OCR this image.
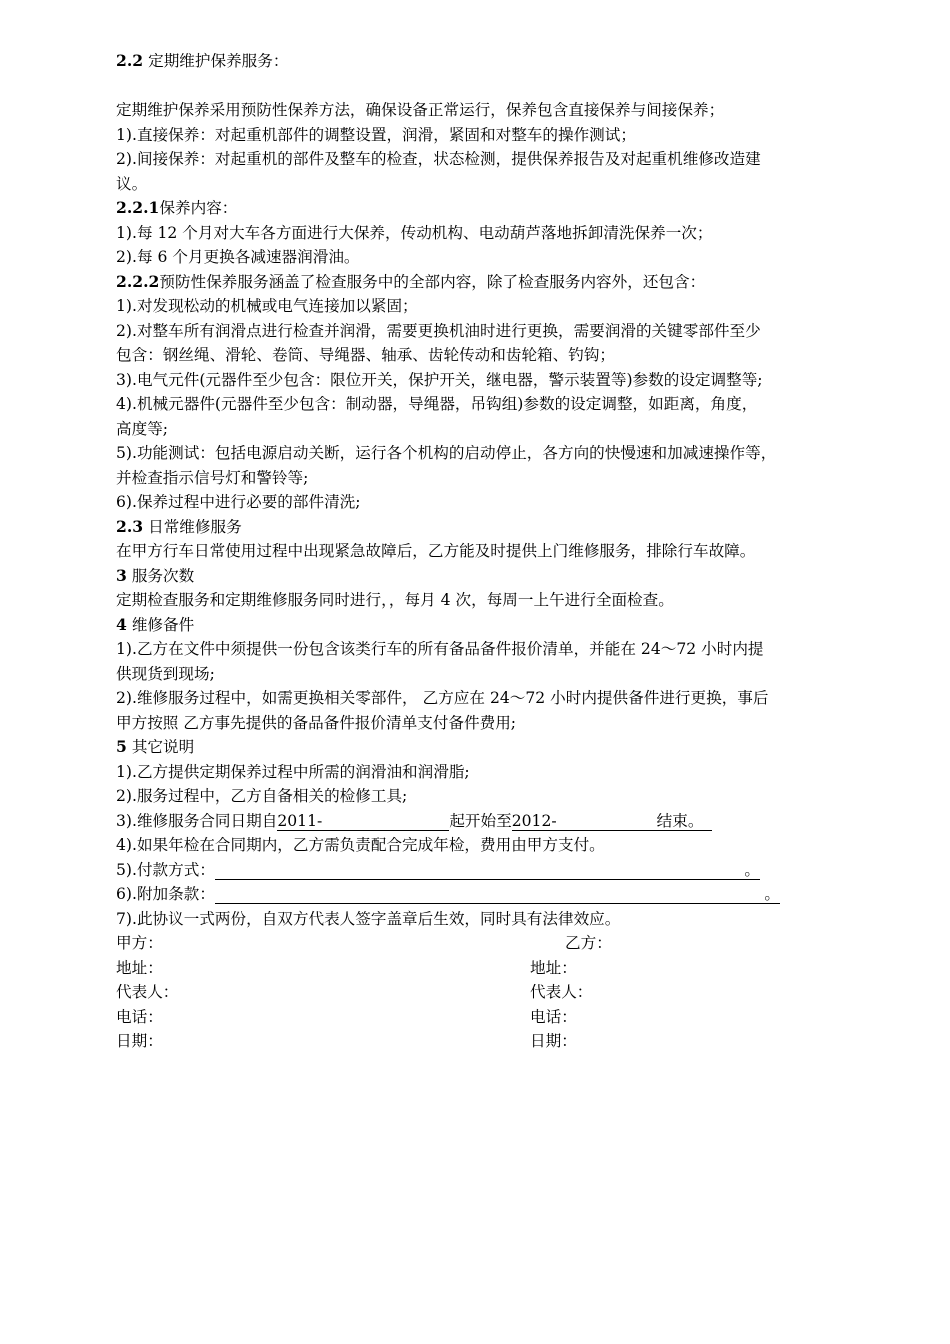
2.2 定期维护保养服务：
定期维护保养采用预防性保养方法，确保设备正常运行，保养包含直接保养与间接保养；
1).直接保养：对起重机部件的调整设置，润滑，紧固和对整车的操作测试；
2).间接保养：对起重机的部件及整车的检查，状态检测，提供保养报告及对起重机维修改造建
议。
2.2.1保养内容：
1).每 12 个月对大车各方面进行大保养，传动机构、电动葫芦落地拆卸清洗保养一次；
2).每 6 个月更换各减速器润滑油。
2.2.2预防性保养服务涵盖了检查服务中的全部内容，除了检查服务内容外，还包含：
1).对发现松动的机械或电气连接加以紧固；
2).对整车所有润滑点进行检查并润滑，需要更换机油时进行更换，需要润滑的关键零部件至少
包含：钢丝绳、滑轮、卷筒、导绳器、轴承、齿轮传动和齿轮箱、钓钩；
3).电气元件(元器件至少包含：限位开关，保护开关，继电器，警示装置等)参数的设定调整等;
4).机械元器件(元器件至少包含：制动器，导绳器，吊钩组)参数的设定调整，如距离，角度，
高度等;
5).功能测试：包括电源启动关断，运行各个机构的启动停止，各方向的快慢速和加减速操作等，
并检查指示信号灯和警铃等;
6).保养过程中进行必要的部件清洗;
2.3 日常维修服务
在甲方行车日常使用过程中出现紧急故障后，乙方能及时提供上门维修服务，排除行车故障。
3 服务次数
定期检查服务和定期维修服务同时进行，，每月 4 次，每周一上午进行全面检查。
4 维修备件
1).乙方在文件中须提供一份包含该类行车的所有备品备件报价清单，并能在 24～72 小时内提
供现货到现场;
2).维修服务过程中，如需更换相关零部件， 乙方应在 24～72 小时内提供备件进行更换，事后
甲方按照 乙方事先提供的备品备件报价清单支付备件费用;
5 其它说明
1).乙方提供定期保养过程中所需的润滑油和润滑脂;
2).服务过程中，乙方自备相关的检修工具;
3).维修服务合同日期自2011-	起开始至2012-	结束。
4).如果年检在合同期内，乙方需负责配合完成年检，费用由甲方支付。
5).付款方式：	。
6).附加条款：	。
7).此协议一式两份，自双方代表人签字盖章后生效，同时具有法律效应。
甲方：	乙方：
地址：	地址：
代表人：	代表人：
电话：	电话：
日期：	日期：
